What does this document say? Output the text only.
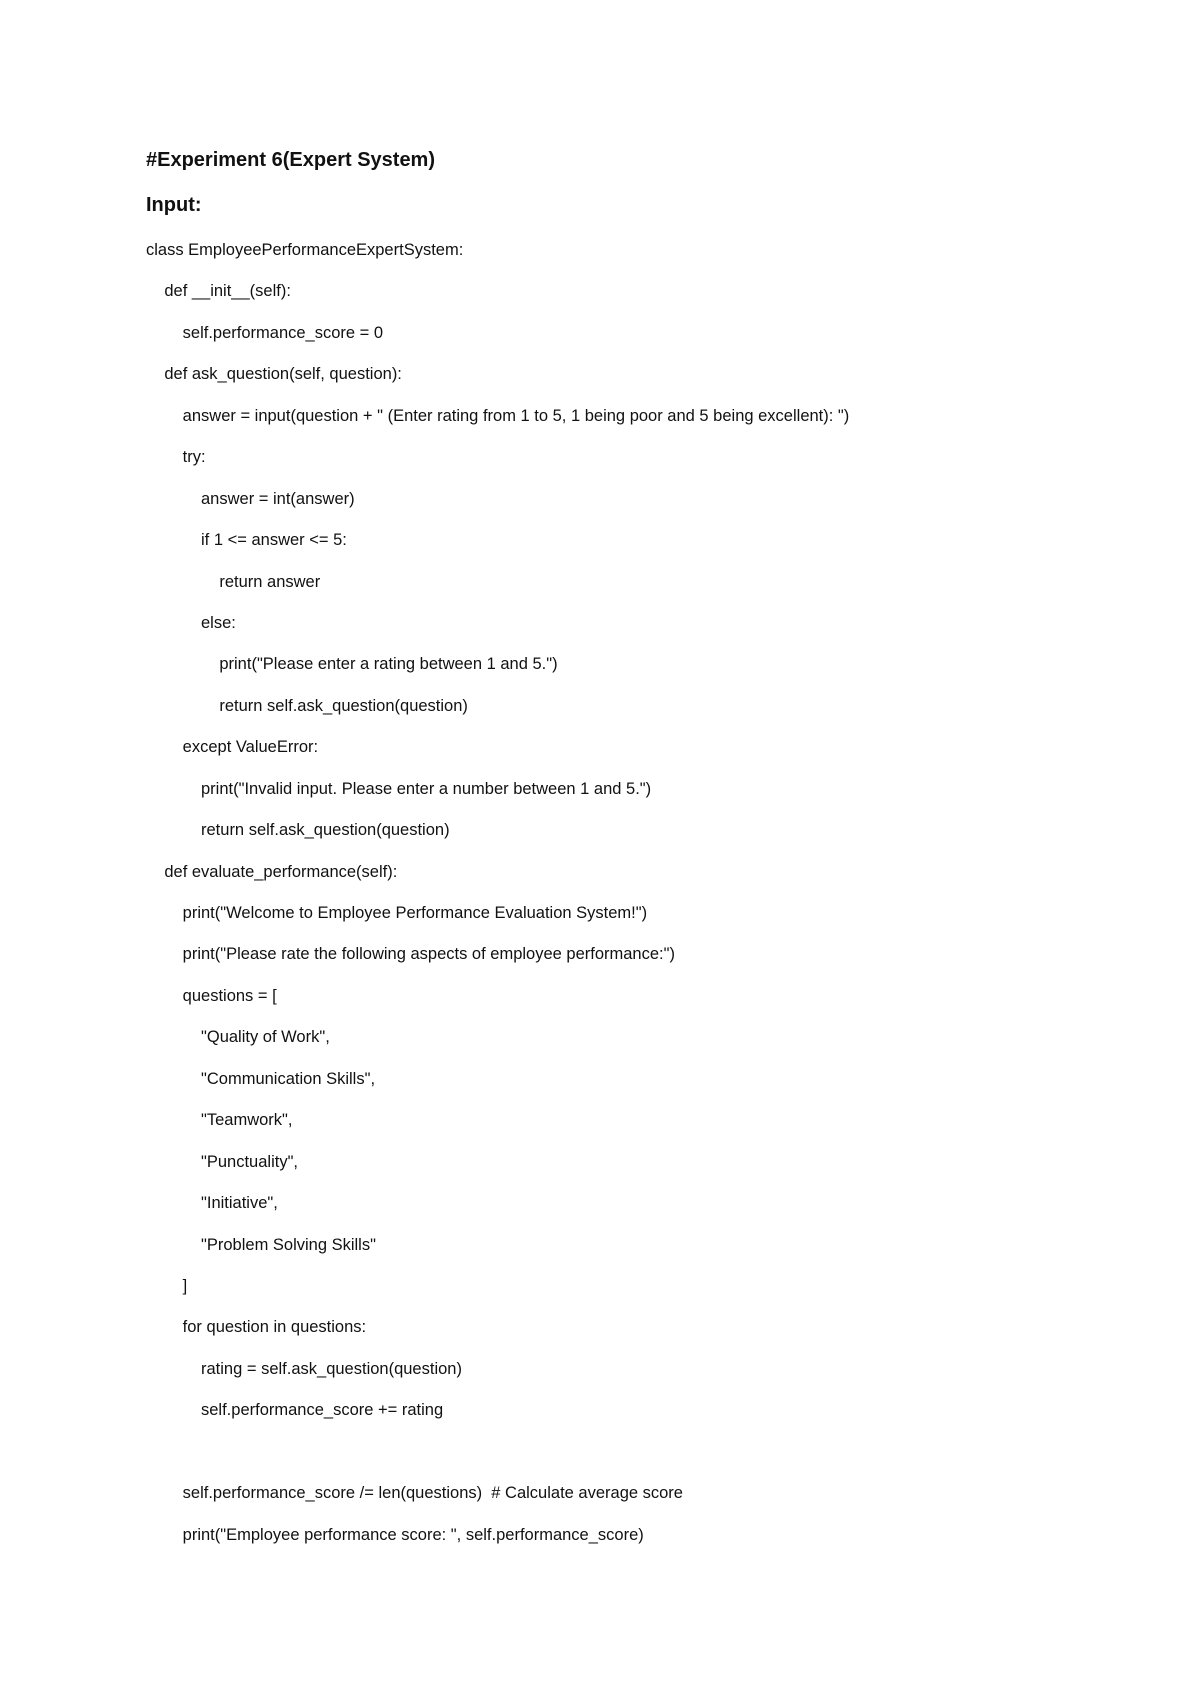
#Experiment 6(Expert System)
Input:
class EmployeePerformanceExpertSystem:
def __init__(self):
self.performance_score = 0
def ask_question(self, question):
answer = input(question + " (Enter rating from 1 to 5, 1 being poor and 5 being excellent): ")
try:
answer = int(answer)
if 1 <= answer <= 5:
return answer
else:
print("Please enter a rating between 1 and 5.")
return self.ask_question(question)
except ValueError:
print("Invalid input. Please enter a number between 1 and 5.")
return self.ask_question(question)
def evaluate_performance(self):
print("Welcome to Employee Performance Evaluation System!")
print("Please rate the following aspects of employee performance:")
questions = [
"Quality of Work",
"Communication Skills",
"Teamwork",
"Punctuality",
"Initiative",
"Problem Solving Skills"
]
for question in questions:
rating = self.ask_question(question)
self.performance_score += rating
self.performance_score /= len(questions)  # Calculate average score
print("Employee performance score: ", self.performance_score)
